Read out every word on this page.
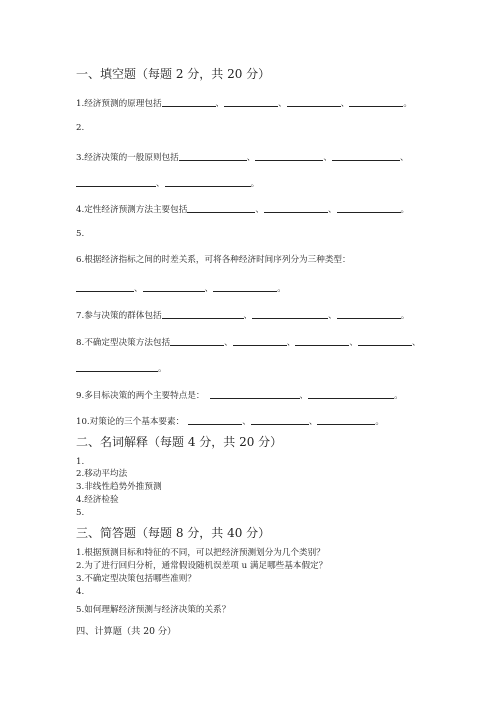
一、填空题（每题 2 分，共 20 分）
1.经济预测的原理包括	、	、	、	。
2.
3.经济决策的一般原则包括	、	、	、
、	。
4.定性经济预测方法主要包括	、	、	。
5.
6.根据经济指标之间的时差关系，可将各种经济时间序列分为三种类型：
、	、	。
7.参与决策的群体包括	、	、	。
8.不确定型决策方法包括	、	、	、	、
。
9.多目标决策的两个主要特点是：	、	。
10.对策论的三个基本要素：	、	、	。
二、名词解释（每题 4 分，共 20 分）
1.
2.移动平均法
3.非线性趋势外推预测
4.经济检验
5.
三、简答题（每题 8 分，共 40 分）
1.根据预测目标和特征的不同，可以把经济预测划分为几个类别？
2.为了进行回归分析，通常假设随机误差项 u 满足哪些基本假定？
3.不确定型决策包括哪些准则？
4.
5.如何理解经济预测与经济决策的关系？
四、计算题（共 20 分）
